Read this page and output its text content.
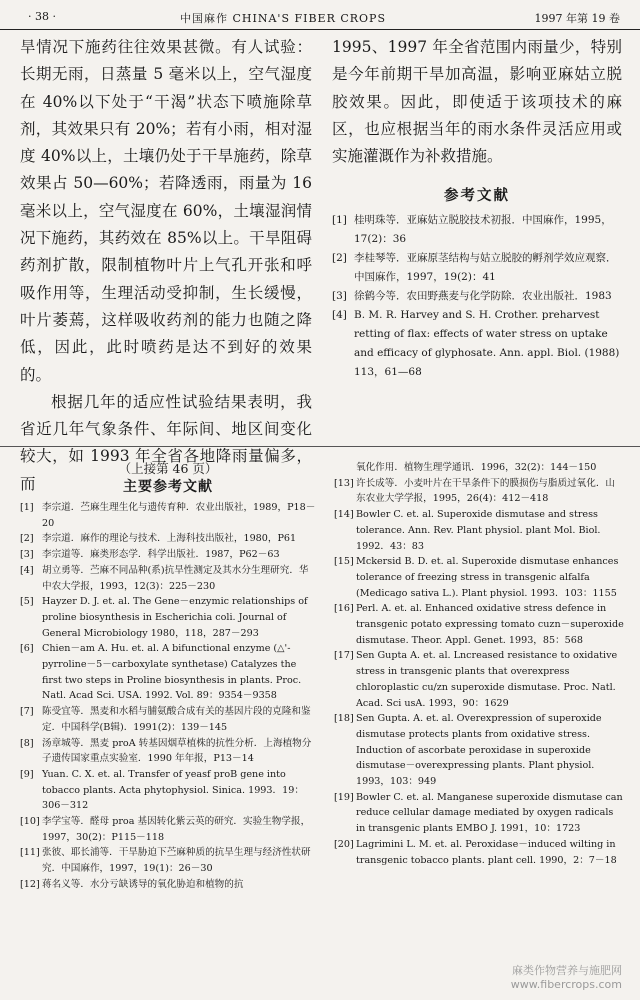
· 38 ·	中国麻作 CHINA'S FIBER CROPS	1997 年第 19 卷

旱情况下施药往往效果甚微。有人试验：长期无雨，日蒸量 5 毫米以上，空气湿度在 40%以下处于“干渴”状态下喷施除草剂，其效果只有 20%；若有小雨，相对湿度 40%以上，土壤仍处于干旱施药，除草效果占 50—60%；若降透雨，雨量为 16 毫米以上，空气湿度在 60%，土壤湿润情况下施药，其药效在 85%以上。干旱阻碍药剂扩散，限制植物叶片上气孔开张和呼吸作用等，生理活动受抑制，生长缓慢，叶片萎蔫，这样吸收药剂的能力也随之降低，因此，此时喷药是达不到好的效果的。

根据几年的适应性试验结果表明，我省近几年气象条件、年际间、地区间变化较大，如 1993 年全省各地降雨量偏多，而

1995、1997 年全省范围内雨量少，特别是今年前期干旱加高温，影响亚麻姑立脱胶效果。因此，即使适于该项技术的麻区，也应根据当年的雨水条件灵活应用或实施灌溉作为补救措施。

参考文献
[1] 桂明珠等．亚麻姑立脱胶技术初报．中国麻作，1995，17(2)：36
[2] 李桂琴等．亚麻原茎结构与姑立脱胶的孵剂学效应观察．中国麻作，1997，19(2)：41
[3] 徐鹤今等．农田野燕麦与化学防除．农业出版社．1983
[4] B. M. R. Harvey and S. H. Crother. preharvest retting of flax: effects of water stress on uptake and efficacy of glyphosate. Ann. appl. Biol. (1988) 113，61—68

（上接第 46 页）

主要参考文献

[1] 李宗道．苎麻生理生化与遗传育种．农业出版社，1989，P18－20
[2] 李宗道．麻作的理论与技术．上海科技出版社，1980，P61
[3] 李宗道等．麻类形态学．科学出版社．1987，P62－63
[4] 胡立勇等．苎麻不同品种(系)抗旱性测定及其水分生理研究．华中农大学报，1993，12(3)：225－230
[5] Hayzer D. J. et. al. The Gene－enzymic relationships of proline biosynthesis in Escherichia coli. Journal of General Microbiology 1980，118，287－293
[6] Chien－am A. Hu. et. al. A bifunctional enzyme (△'- pyrroline－5－carboxylate synthetase) Catalyzes the first two steps in Proline biosynthesis in plants. Proc. Natl. Acad Sci. USA. 1992. Vol. 89：9354－9358
[7] 陈受宜等．黑麦和水稻与脯氨酸合成有关的基因片段的克隆和鉴定．中国科学(B辑)．1991(2)：139－145
[8] 汤章城等．黑麦 proA 转基因烟草植株的抗性分析．上海植物分子遗传国家重点实验室．1990 年年报，P13－14
[9] Yuan. C. X. et. al. Transfer of yeasf proB gene into tobacco plants. Acta phytophysiol. Sinica. 1993．19：306－312
[10] 李学宝等．醛母 proa 基因转化紫云英的研究．实验生物学报，1997，30(2)：P115－118
[11] 张彼、耶长浦等．干旱胁迫下苎麻种质的抗旱生理与经济性状研究．中国麻作，1997，19(1)：26－30
[12] 蒋名义等．水分亏缺诱导的氧化胁迫和植物的抗
氧化作用．植物生理学通讯．1996，32(2)：144－150
[13] 许长成等．小麦叶片在干旱条件下的膜损伤与脂质过氧化．山东农业大学学报，1995，26(4)：412－418
[14] Bowler C. et. al. Superoxide dismutase and stress tolerance. Ann. Rev. Plant physiol. plant Mol. Biol. 1992．43：83
[15] Mckersid B. D. et. al. Superoxide dismutase enhances tolerance of freezing stress in transgenic alfalfa (Medicago sativa L.). Plant physiol. 1993．103：1155
[16] Perl. A. et. al. Enhanced oxidative stress defence in transgenic potato expressing tomato cuzn－superoxide dismutase. Theor. Appl. Genet. 1993，85：568
[17] Sen Gupta A. et. al. Lncreased resistance to oxidative stress in transgenic plants that overexpress chloroplastic cu/zn superoxide dismutase. Proc. Natl. Acad. Sci usA. 1993，90：1629
[18] Sen Gupta. A. et. al. Overexpression of superoxide dismutase protects plants from oxidative stress. Induction of ascorbate peroxidase in superoxide dismutase－overexpressing plants. Plant physiol. 1993，103：949
[19] Bowler C. et. al. Manganese superoxide dismutase can reduce cellular damage mediated by oxygen radicals in transgenic plants EMBO J. 1991，10：1723
[20] Lagrimini L. M. et. al. Peroxidase－induced wilting in transgenic tobacco plants. plant cell. 1990，2：7－18
麻类作物营养与施肥网
www.fibercrops.com
